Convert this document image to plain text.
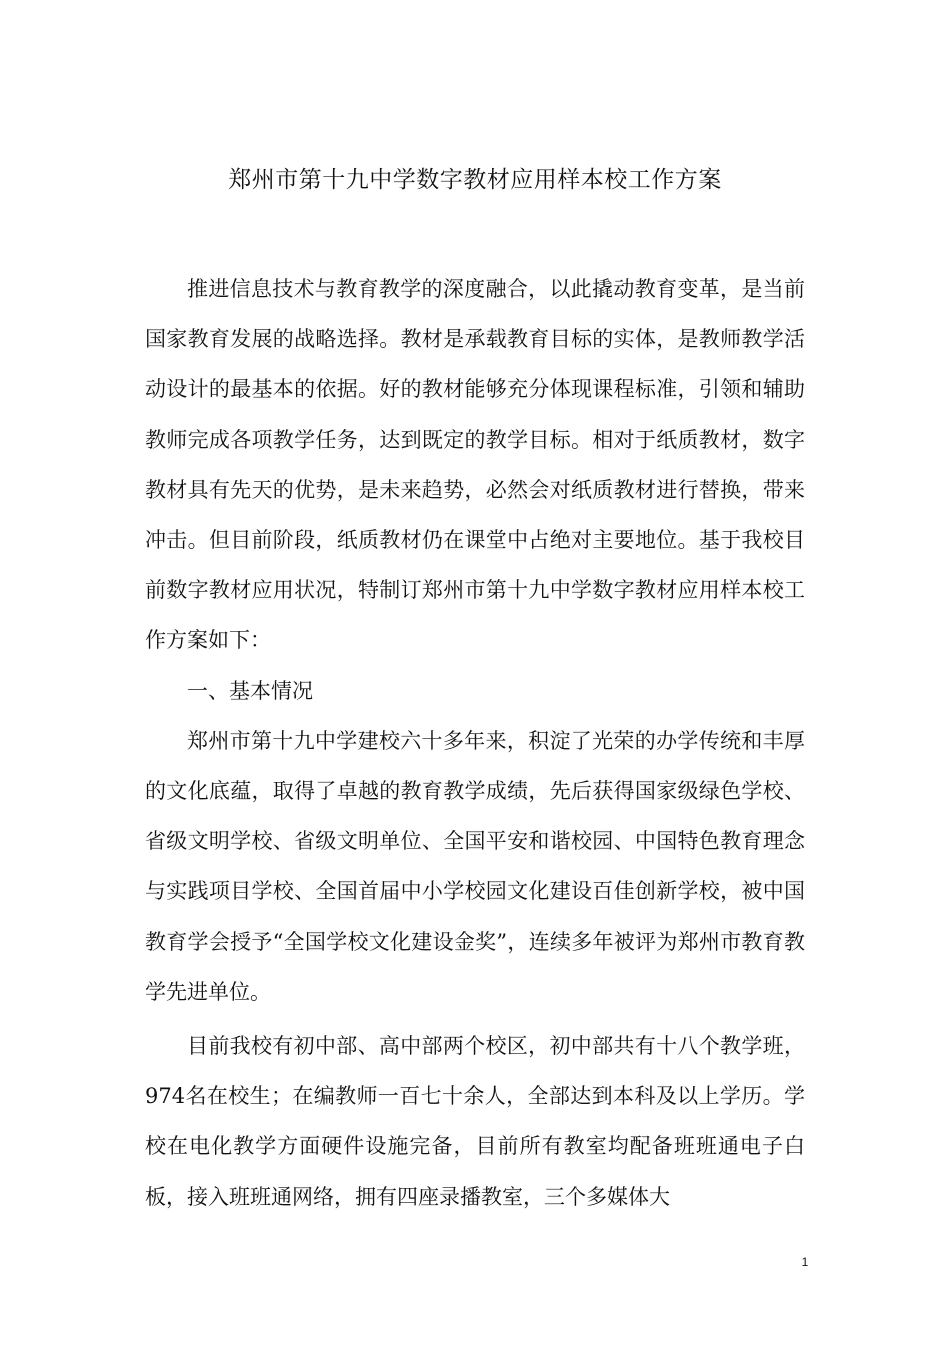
郑州市第十九中学数字教材应用样本校工作方案

推进信息技术与教育教学的深度融合，以此撬动教育变革，是当前国家教育发展的战略选择。教材是承载教育目标的实体，是教师教学活动设计的最基本的依据。好的教材能够充分体现课程标准，引领和辅助教师完成各项教学任务，达到既定的教学目标。相对于纸质教材，数字教材具有先天的优势，是未来趋势，必然会对纸质教材进行替换，带来冲击。但目前阶段，纸质教材仍在课堂中占绝对主要地位。基于我校目前数字教材应用状况，特制订郑州市第十九中学数字教材应用样本校工作方案如下：

一、基本情况

郑州市第十九中学建校六十多年来，积淀了光荣的办学传统和丰厚的文化底蕴，取得了卓越的教育教学成绩，先后获得国家级绿色学校、省级文明学校、省级文明单位、全国平安和谐校园、中国特色教育理念与实践项目学校、全国首届中小学校园文化建设百佳创新学校，被中国教育学会授予“全国学校文化建设金奖”，连续多年被评为郑州市教育教学先进单位。

目前我校有初中部、高中部两个校区，初中部共有十八个教学班，974名在校生；在编教师一百七十余人，全部达到本科及以上学历。学校在电化教学方面硬件设施完备，目前所有教室均配备班班通电子白板，接入班班通网络，拥有四座录播教室，三个多媒体大

1
